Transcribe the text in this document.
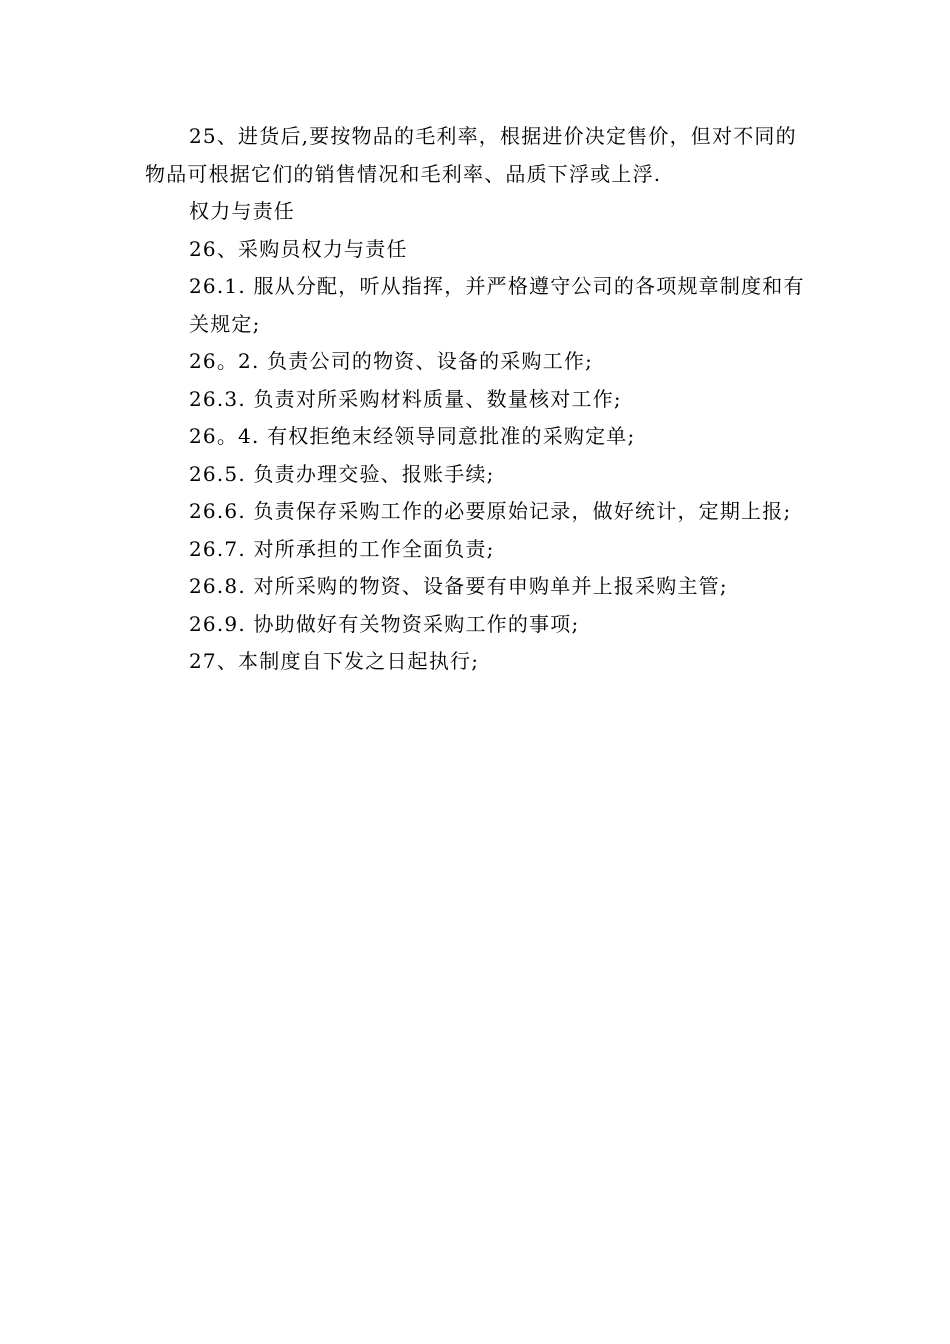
25、进货后,要按物品的毛利率，根据进价决定售价，但对不同的物品可根据它们的销售情况和毛利率、品质下浮或上浮.

权力与责任

26、采购员权力与责任

26.1. 服从分配，听从指挥，并严格遵守公司的各项规章制度和有关规定;

26。2. 负责公司的物资、设备的采购工作;

26.3. 负责对所采购材料质量、数量核对工作;

26。4. 有权拒绝末经领导同意批准的采购定单;

26.5. 负责办理交验、报账手续;

26.6. 负责保存采购工作的必要原始记录，做好统计，定期上报;

26.7. 对所承担的工作全面负责;

26.8. 对所采购的物资、设备要有申购单并上报采购主管;

26.9. 协助做好有关物资采购工作的事项;

27、本制度自下发之日起执行;
